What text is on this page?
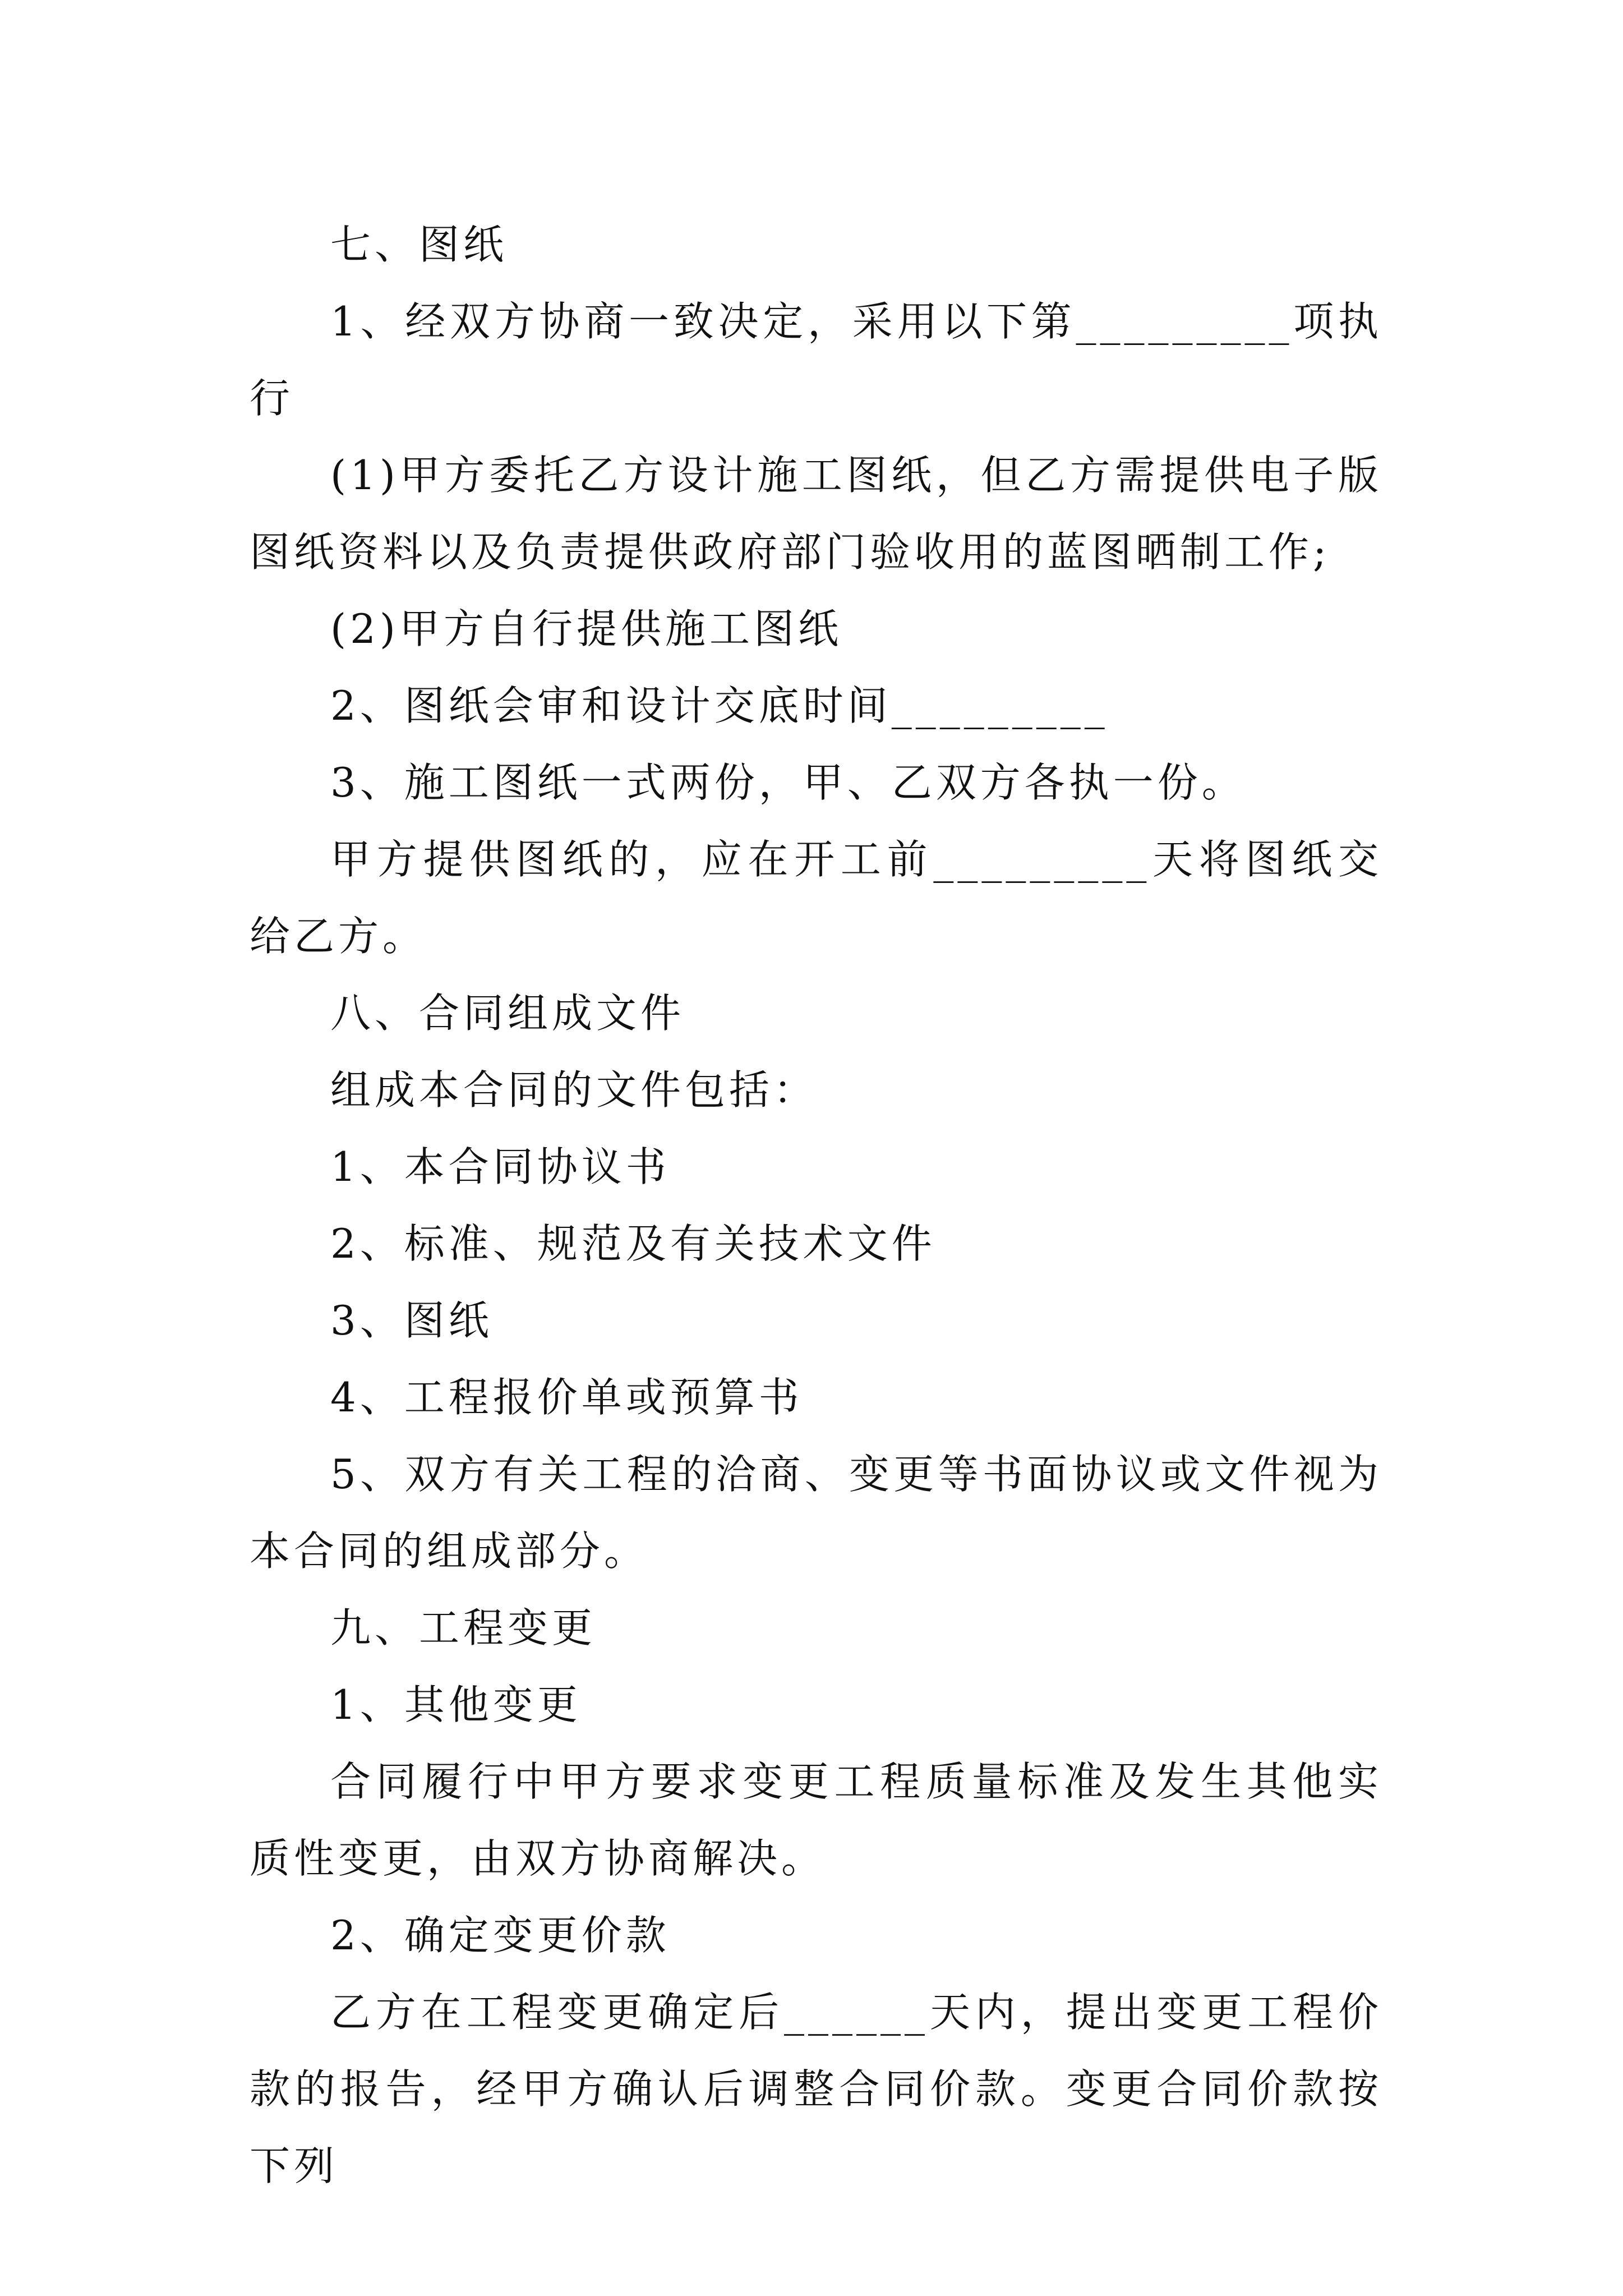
七、图纸

1、经双方协商一致决定，采用以下第_________项执行

(1)甲方委托乙方设计施工图纸，但乙方需提供电子版图纸资料以及负责提供政府部门验收用的蓝图晒制工作;

(2)甲方自行提供施工图纸

2、图纸会审和设计交底时间_________

3、施工图纸一式两份，甲、乙双方各执一份。

甲方提供图纸的，应在开工前_________天将图纸交给乙方。

八、合同组成文件

组成本合同的文件包括：

1、本合同协议书

2、标准、规范及有关技术文件

3、图纸

4、工程报价单或预算书

5、双方有关工程的洽商、变更等书面协议或文件视为本合同的组成部分。

九、工程变更

1、其他变更

合同履行中甲方要求变更工程质量标准及发生其他实质性变更，由双方协商解决。

2、确定变更价款

乙方在工程变更确定后______天内，提出变更工程价款的报告，经甲方确认后调整合同价款。变更合同价款按下列
